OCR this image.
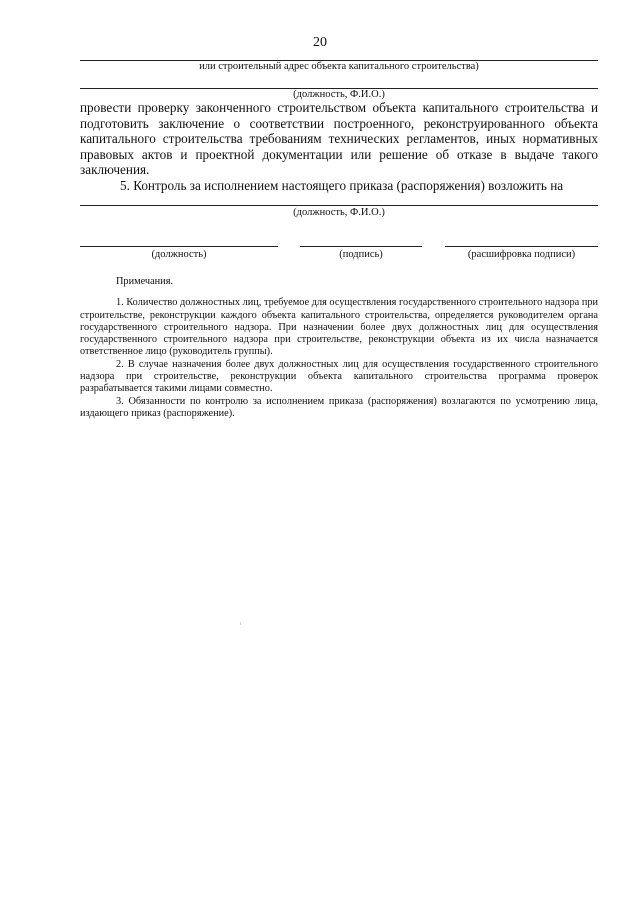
20
или строительный адрес объекта капитального строительства)
(должность, Ф.И.О.)
провести проверку законченного строительством объекта капитального строительства и подготовить заключение о соответствии построенного, реконструированного объекта капитального строительства требованиям технических регламентов, иных нормативных правовых актов и проектной документации или решение об отказе в выдаче такого заключения.
5. Контроль за исполнением настоящего приказа (распоряжения) возложить на
(должность, Ф.И.О.)
(должность)	(подпись)	(расшифровка подписи)

Примечания.

1. Количество должностных лиц, требуемое для осуществления государственного строительного надзора при строительстве, реконструкции каждого объекта капитального строительства, определяется руководителем органа государственного строительного надзора. При назначении более двух должностных лиц для осуществления государственного строительного надзора при строительстве, реконструкции объекта из их числа назначается ответственное лицо (руководитель группы).

2. В случае назначения более двух должностных лиц для осуществления государственного строительного надзора при строительстве, реконструкции объекта капитального строительства программа проверок разрабатывается такими лицами совместно.

3. Обязанности по контролю за исполнением приказа (распоряжения) возлагаются по усмотрению лица, издающего приказ (распоряжение).
